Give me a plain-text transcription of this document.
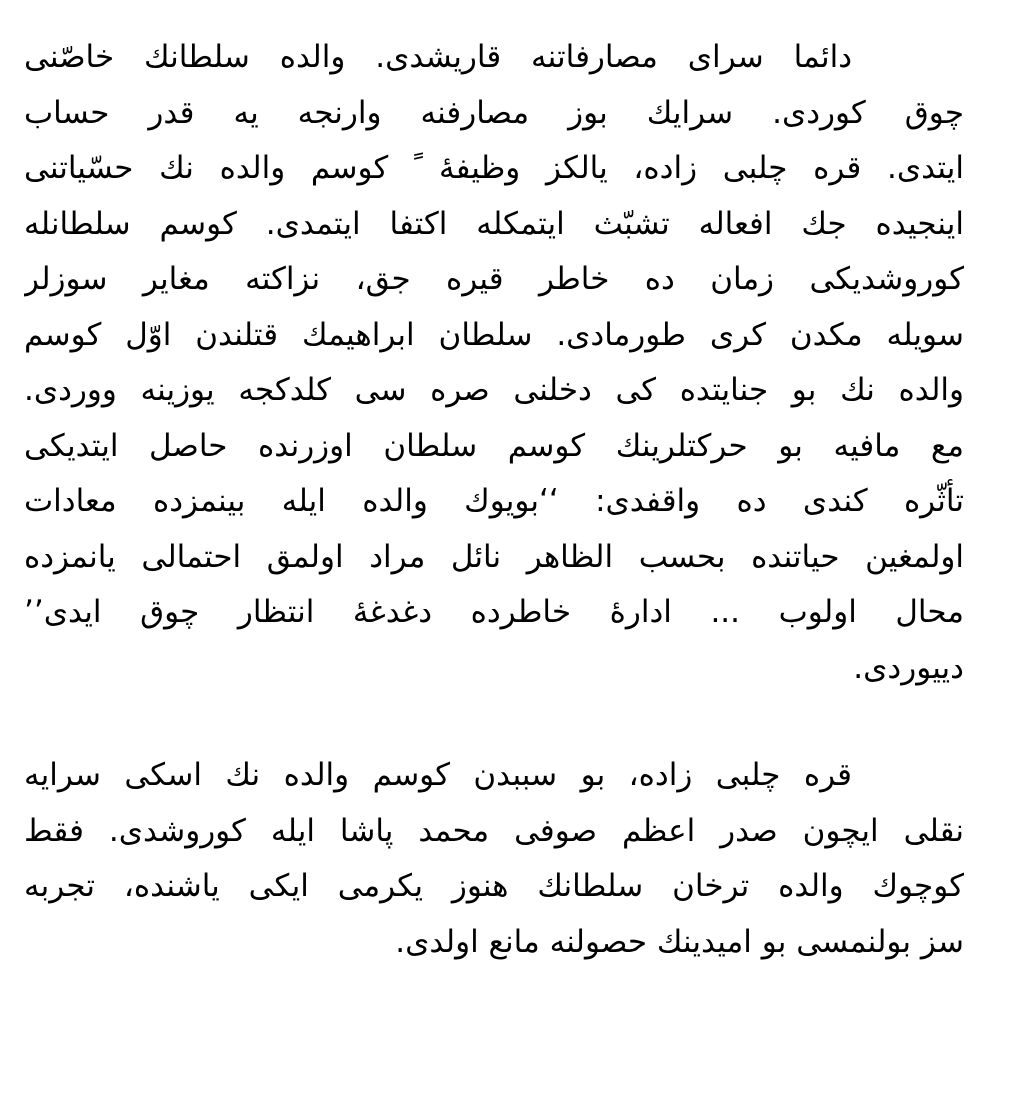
دائما سرای مصارفاتنه قاريشدی. والده سلطانك خاصّنی
چوق كوردی. سرايك بوز مصارفنه وارنجه يه قدر حساب
ايتدی. قره چلبی زاده، يالكز وظيفهٔ ً كوسم والده نك حسّياتنی
اينجيده جك افعاله تشبّث ايتمكله اكتفا ايتمدی. كوسم سلطانله
كوروشديكی زمان ده خاطر قيره جق، نزاكته مغاير سوزلر
سويله مكدن كری طورمادی. سلطان ابراهيمك قتلندن اوّل كوسم
والده نك بو جنايتده كی دخلنی صره سی كلدكجه يوزينه ووردی.
مع مافيه بو حركتلرينك كوسم سلطان اوزرنده حاصل ايتديكی
تأثّره كندی ده واقفدی: ‘‘بويوك والده ايله بينمزده معادات
اولمغين حياتنده بحسب الظاهر نائل مراد اولمق احتمالی يانمزده
محال اولوب ... ادارهٔ خاطرده دغدغهٔ انتظار چوق ايدی’’
دييوردی.
قره چلبی زاده، بو سببدن كوسم والده نك اسكی سرايه
نقلی ايچون صدر اعظم صوفی محمد پاشا ايله كوروشدی. فقط
كوچوك والده ترخان سلطانك هنوز يكرمی ايكی ياشنده، تجربه
سز بولنمسی بو اميدينك حصولنه مانع اولدی.
